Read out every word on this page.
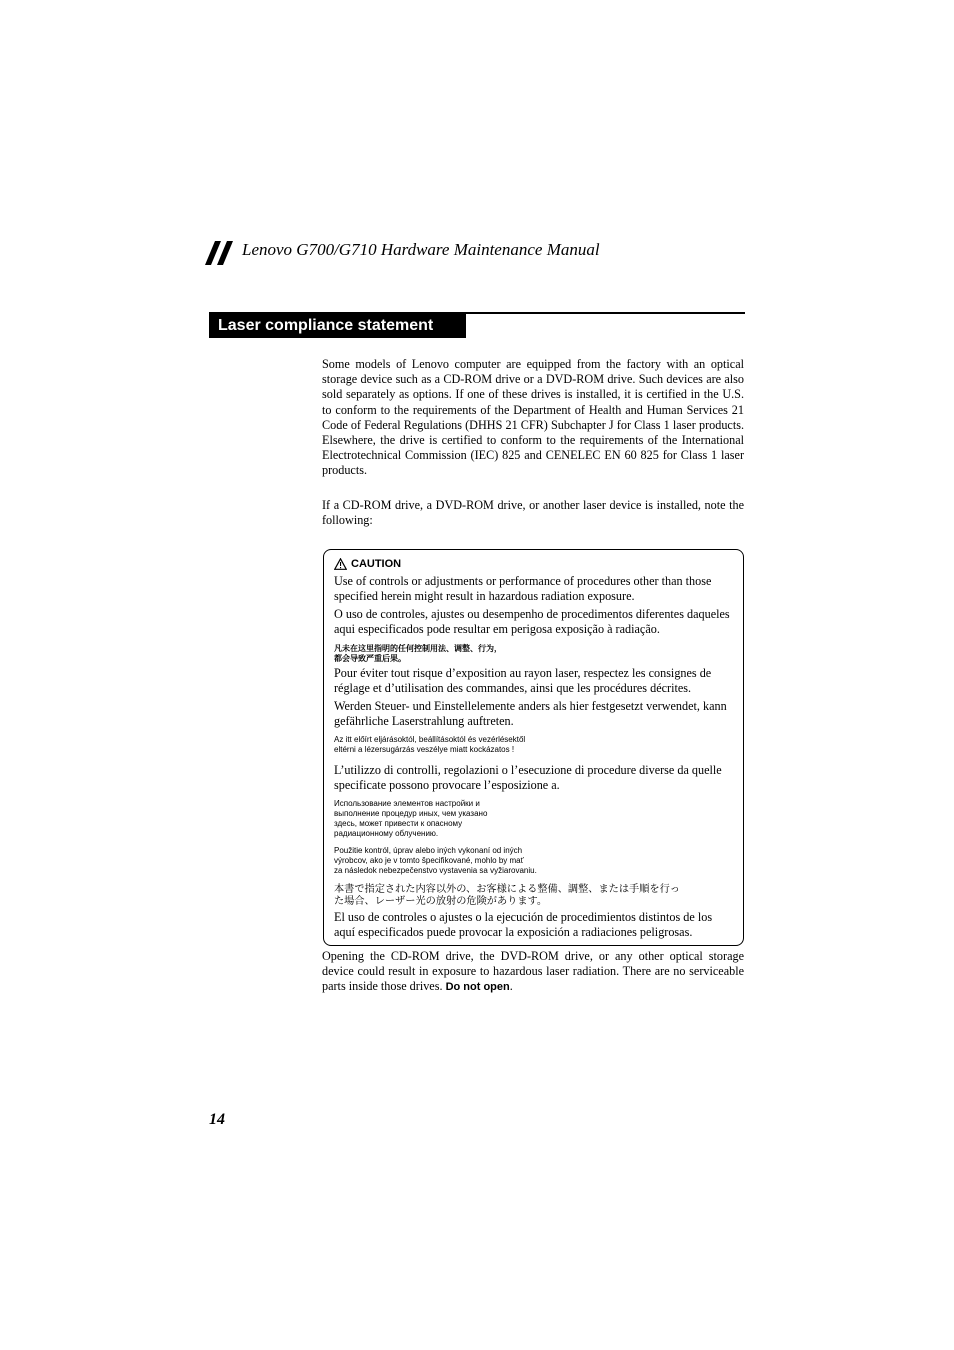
Lenovo G700/G710 Hardware Maintenance Manual
Laser compliance statement

Some models of Lenovo computer are equipped from the factory with an optical storage device such as a CD-ROM drive or a DVD-ROM drive. Such devices are also sold separately as options. If one of these drives is installed, it is certified in the U.S. to conform to the requirements of the Department of Health and Human Services 21 Code of Federal Regulations (DHHS 21 CFR) Subchapter J for Class 1 laser products. Elsewhere, the drive is certified to conform to the requirements of the International Electrotechnical Commission (IEC) 825 and CENELEC EN 60 825 for Class 1 laser products.

If a CD-ROM drive, a DVD-ROM drive, or another laser device is installed, note the following:

CAUTION

Use of controls or adjustments or performance of procedures other than those specified herein might result in hazardous radiation exposure.

O uso de controles, ajustes ou desempenho de procedimentos diferentes daqueles aqui especificados pode resultar em perigosa exposição à radiação.

凡未在这里指明的任何控制用法、调整、行为，
都会导致严重后果。

Pour éviter tout risque d’exposition au rayon laser, respectez les consignes de réglage et d’utilisation des commandes, ainsi que les procédures décrites.

Werden Steuer- und Einstellelemente anders als hier festgesetzt verwendet, kann gefährliche Laserstrahlung auftreten.

Az itt előírt eljárásoktól, beállításoktól és vezérlésektől
eltérni a lézersugárzás veszélye miatt kockázatos !

L’utilizzo di controlli, regolazioni o l’esecuzione di procedure diverse da quelle specificate possono provocare l’esposizione a.

Использование элементов настройки и
выполнение процедур иных, чем указано
здесь, может привести к опасному
радиационному облучению.

Použitie kontról, úprav alebo iných vykonaní od iných
výrobcov, ako je v tomto špecifikované, mohlo by mať
za následok nebezpečenstvo vystavenia sa vyžiarovaniu.

本書で指定された内容以外の、お客様による整備、調整、または手順を行っ
た場合、レーザー光の放射の危険があります。

El uso de controles o ajustes o la ejecución de procedimientos distintos de los aquí especificados puede provocar la exposición a radiaciones peligrosas.

Opening the CD-ROM drive, the DVD-ROM drive, or any other optical storage device could result in exposure to hazardous laser radiation. There are no serviceable parts inside those drives. Do not open.

14
